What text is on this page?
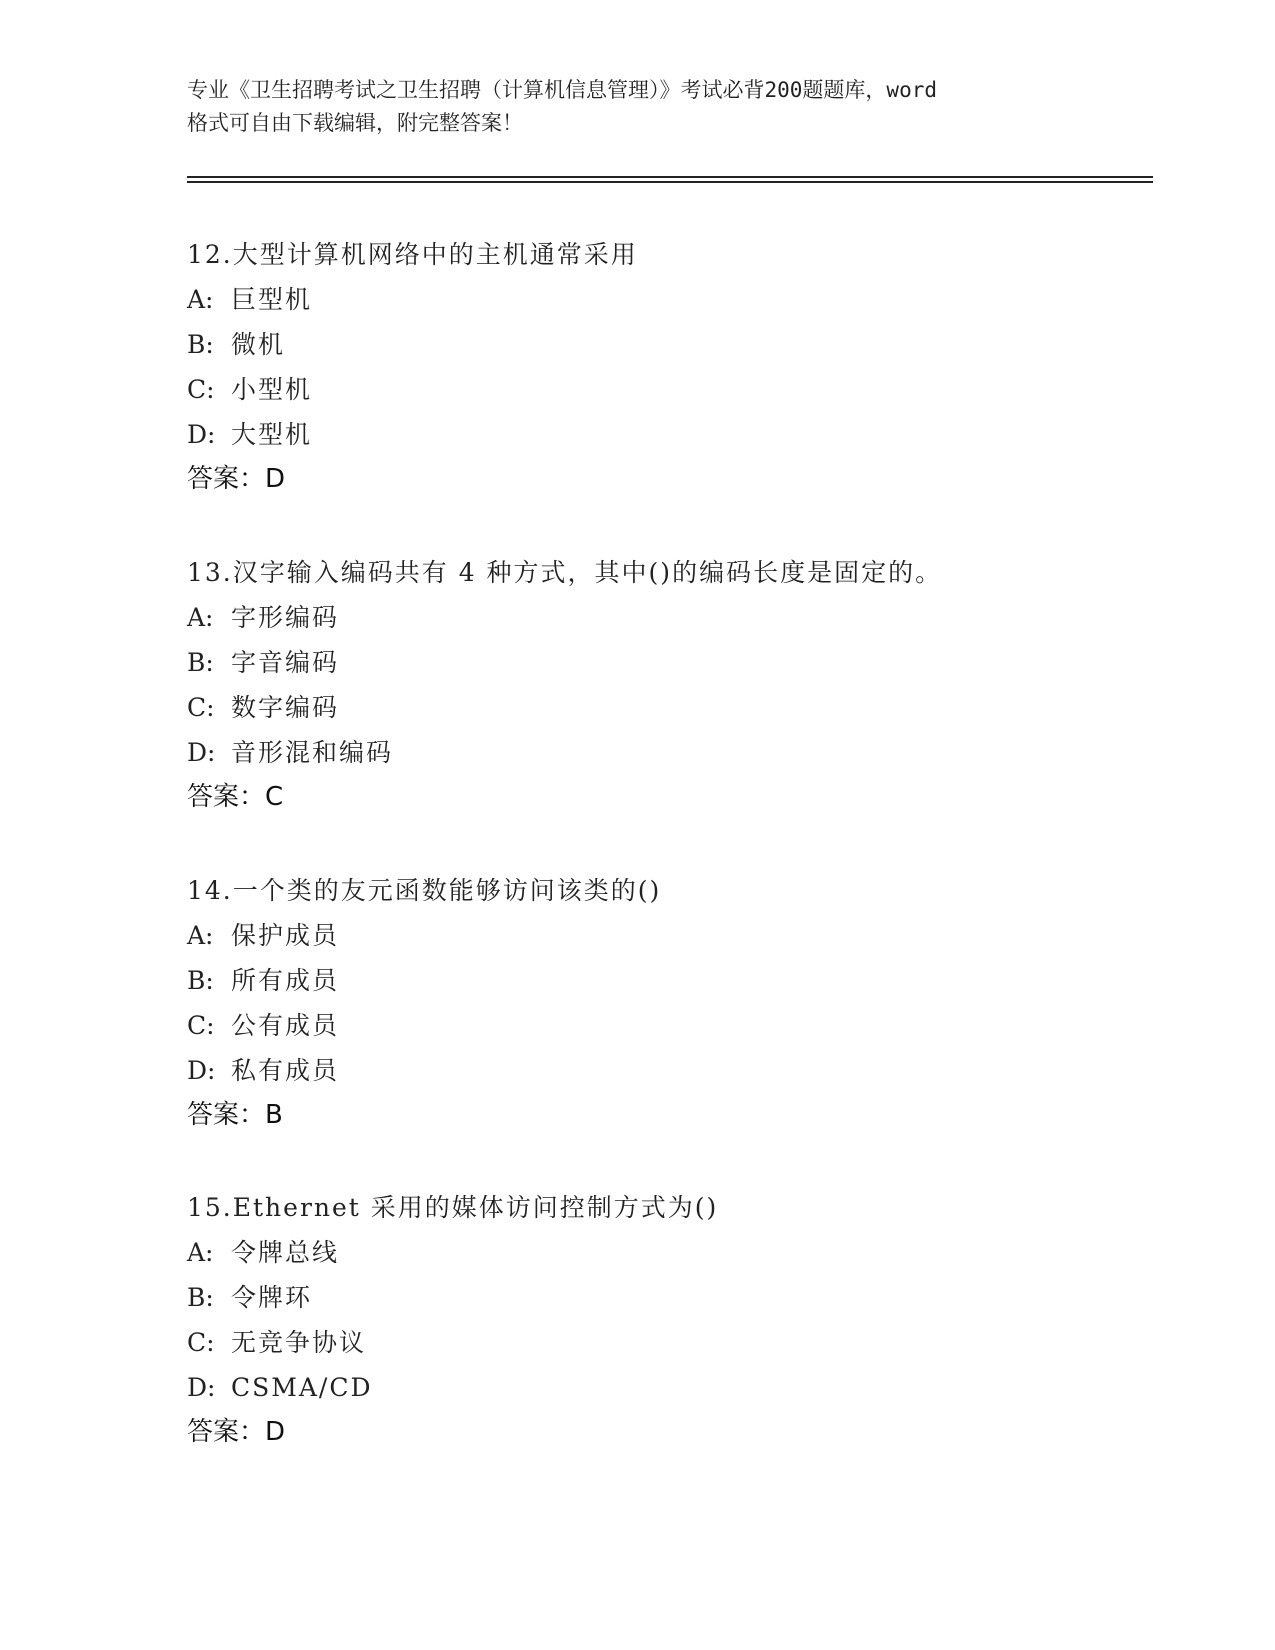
专业《卫生招聘考试之卫生招聘（计算机信息管理）》考试必背200题题库，word
格式可自由下载编辑，附完整答案！
12.大型计算机网络中的主机通常采用
A: 巨型机
B: 微机
C: 小型机
D: 大型机
答案：D
13.汉字输入编码共有 4 种方式，其中()的编码长度是固定的。
A: 字形编码
B: 字音编码
C: 数字编码
D: 音形混和编码
答案：C
14.一个类的友元函数能够访问该类的()
A: 保护成员
B: 所有成员
C: 公有成员
D: 私有成员
答案：B
15.Ethernet 采用的媒体访问控制方式为()
A: 令牌总线
B: 令牌环
C: 无竞争协议
D: CSMA/CD
答案：D
